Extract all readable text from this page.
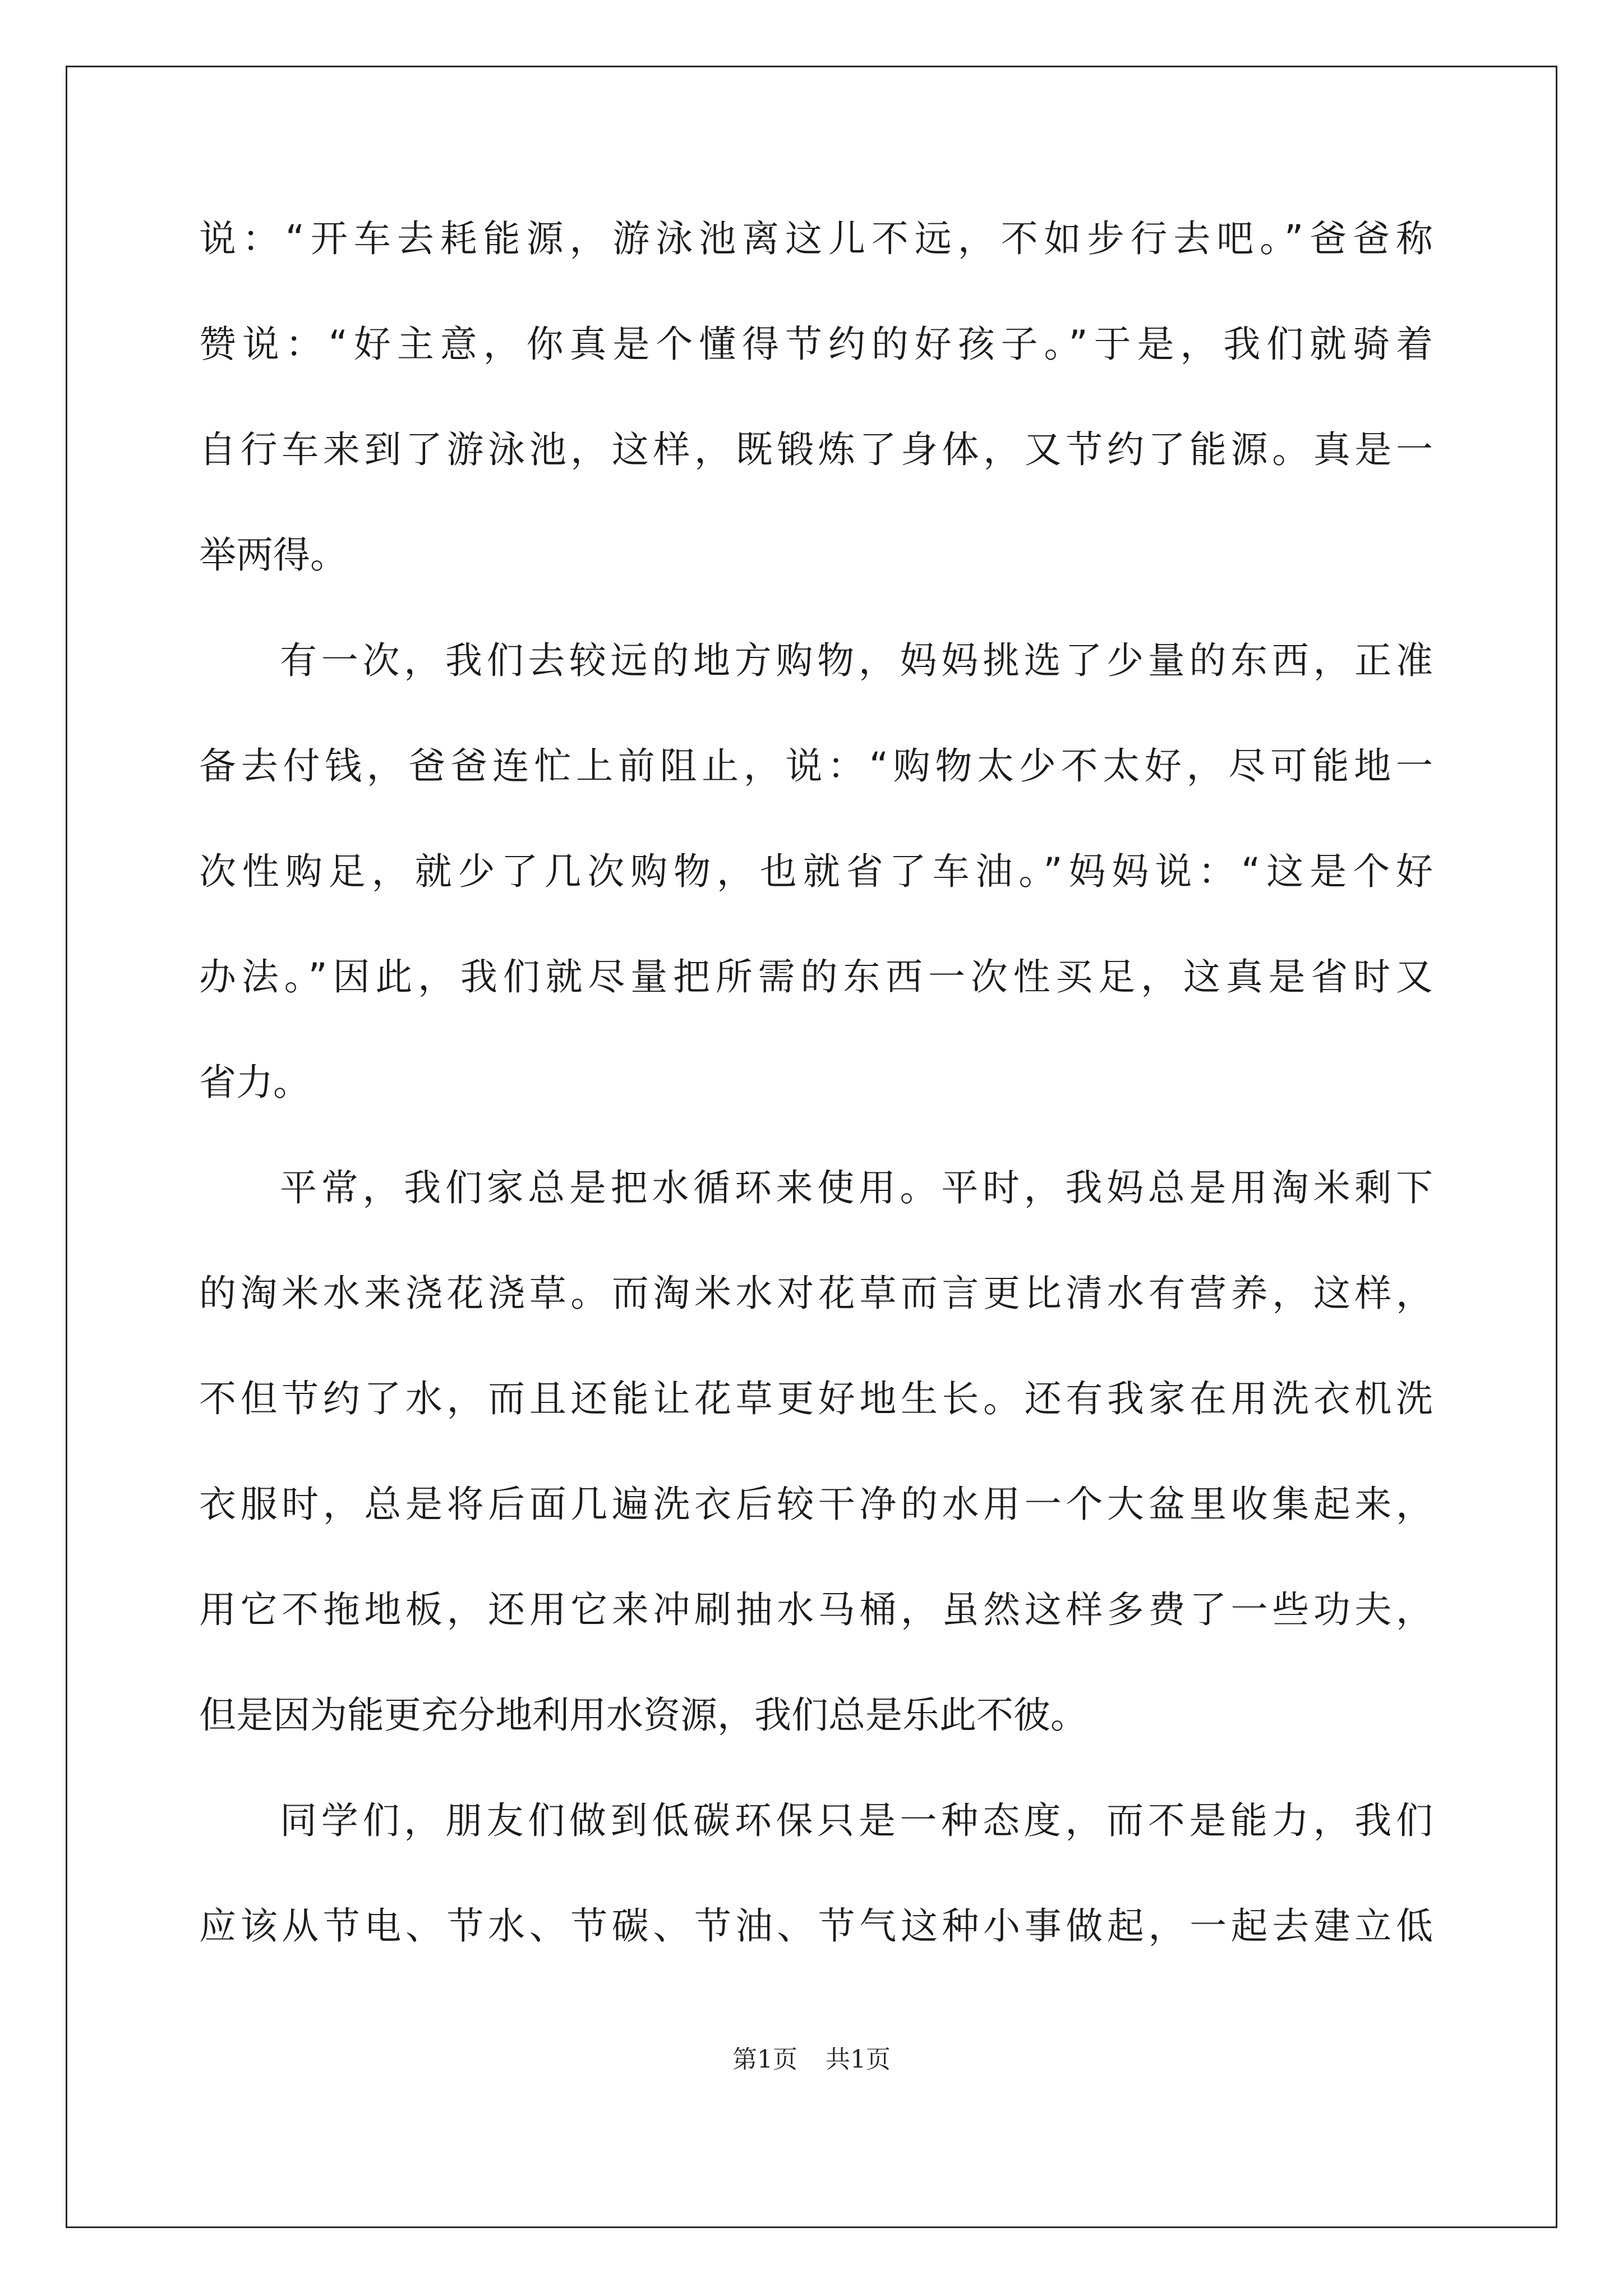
说：“开车去耗能源，游泳池离这儿不远，不如步行去吧。”爸爸称
赞说：“好主意，你真是个懂得节约的好孩子。”于是，我们就骑着
自行车来到了游泳池，这样，既锻炼了身体，又节约了能源。真是一
举两得。
有一次，我们去较远的地方购物，妈妈挑选了少量的东西，正准
备去付钱，爸爸连忙上前阻止，说：“购物太少不太好，尽可能地一
次性购足，就少了几次购物，也就省了车油。”妈妈说：“这是个好
办法。”因此，我们就尽量把所需的东西一次性买足，这真是省时又
省力。
平常，我们家总是把水循环来使用。平时，我妈总是用淘米剩下
的淘米水来浇花浇草。而淘米水对花草而言更比清水有营养，这样，
不但节约了水，而且还能让花草更好地生长。还有我家在用洗衣机洗
衣服时，总是将后面几遍洗衣后较干净的水用一个大盆里收集起来，
用它不拖地板，还用它来冲刷抽水马桶，虽然这样多费了一些功夫，
但是因为能更充分地利用水资源，我们总是乐此不彼。
同学们，朋友们做到低碳环保只是一种态度，而不是能力，我们
应该从节电、节水、节碳、节油、节气这种小事做起，一起去建立低
第1页 共1页
